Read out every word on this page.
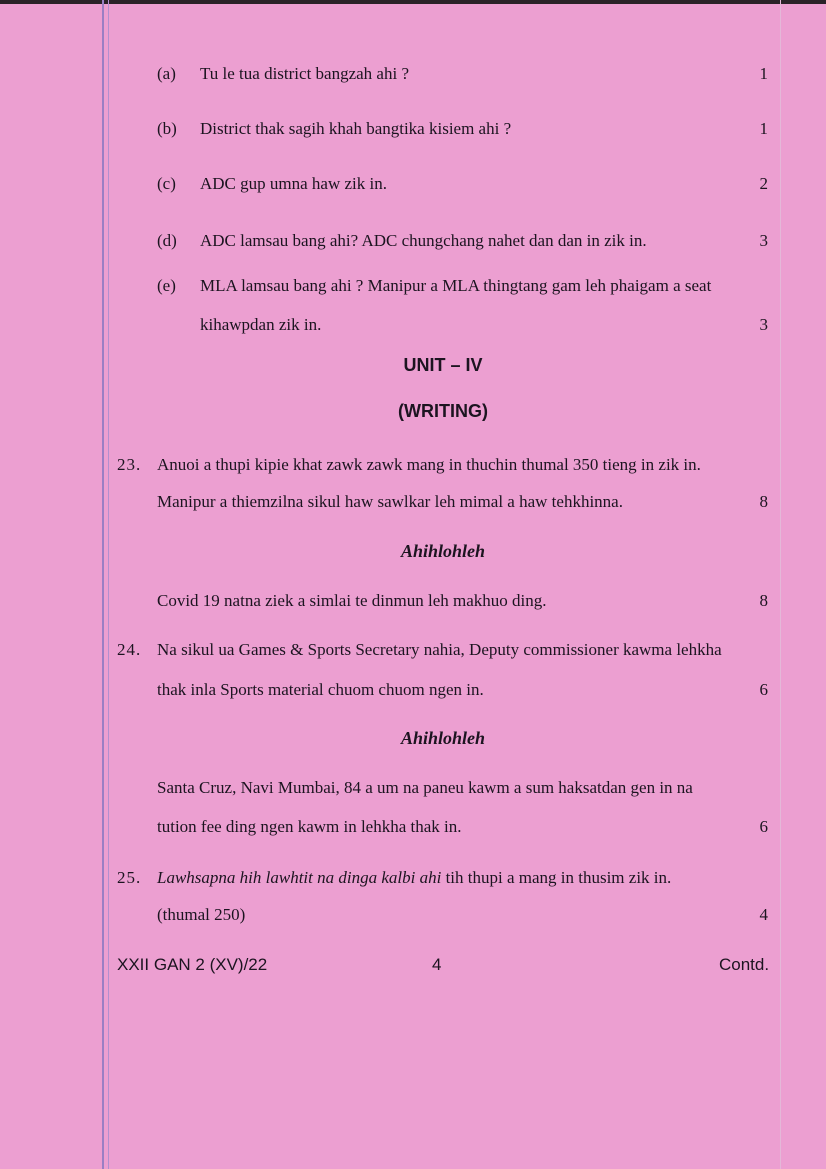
(a) Tu le tua district bangzah ahi ?	1
(b) District thak sagih khah bangtika kisiem ahi ?	1
(c) ADC gup umna haw zik in.	2
(d) ADC lamsau bang ahi? ADC chungchang nahet dan dan in zik in.	3
(e) MLA lamsau bang ahi ? Manipur a MLA thingtang gam leh phaigam a seat
kihawpdan zik in.	3
UNIT – IV
(WRITING)
23. Anuoi a thupi kipie khat zawk zawk mang in thuchin thumal 350 tieng in zik in.
Manipur a thiemzilna sikul haw sawlkar leh mimal a haw tehkhinna.	8
Ahihlohleh
Covid 19 natna ziek a simlai te dinmun leh makhuo ding.	8
24. Na sikul ua Games & Sports Secretary nahia, Deputy commissioner kawma lehkha
thak inla Sports material chuom chuom ngen in.	6
Ahihlohleh
Santa Cruz, Navi Mumbai, 84 a um na paneu kawm a sum haksatdan gen in na
tution fee ding ngen kawm in lehkha thak in.	6
25. Lawhsapna hih lawhtit na dinga kalbi ahi tih thupi a mang in thusim zik in.
(thumal 250)	4
XXII GAN 2 (XV)/22	4	Contd.
